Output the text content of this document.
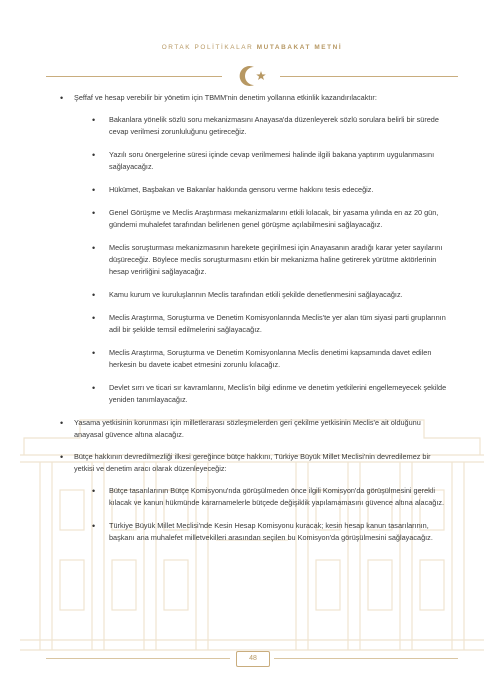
ORTAK POLİTİKALAR MUTABAKAT METNİ
• Şeffaf ve hesap verebilir bir yönetim için TBMM'nin denetim yollarına etkinlik kazandırılacaktır:
• Bakanlara yönelik sözlü soru mekanizmasını Anayasa'da düzenleyerek sözlü sorulara belirli bir sürede cevap verilmesi zorunluluğunu getireceğiz.
• Yazılı soru önergelerine süresi içinde cevap verilmemesi halinde ilgili bakana yaptırım uygulanmasını sağlayacağız.
• Hükümet, Başbakan ve Bakanlar hakkında gensoru verme hakkını tesis edeceğiz.
• Genel Görüşme ve Meclis Araştırması mekanizmalarını etkili kılacak, bir yasama yılında en az 20 gün, gündemi muhalefet tarafından belirlenen genel görüşme açılabilmesini sağlayacağız.
• Meclis soruşturması mekanizmasının harekete geçirilmesi için Anayasanın aradığı karar yeter sayılarını düşüreceğiz. Böylece meclis soruşturmasını etkin bir mekanizma haline getirerek yürütme aktörlerinin hesap verirliğini sağlayacağız.
• Kamu kurum ve kuruluşlarının Meclis tarafından etkili şekilde denetlenmesini sağlayacağız.
• Meclis Araştırma, Soruşturma ve Denetim Komisyonlarında Meclis'te yer alan tüm siyasi parti gruplarının adil bir şekilde temsil edilmelerini sağlayacağız.
• Meclis Araştırma, Soruşturma ve Denetim Komisyonlarına Meclis denetimi kapsamında davet edilen herkesin bu davete icabet etmesini zorunlu kılacağız.
• Devlet sırrı ve ticari sır kavramlarını, Meclis'in bilgi edinme ve denetim yetkilerini engellemeyecek şekilde yeniden tanımlayacağız.
• Yasama yetkisinin korunması için milletlerarası sözleşmelerden geri çekilme yetkisinin Meclis'e ait olduğunu anayasal güvence altına alacağız.
• Bütçe hakkının devredilmezliği ilkesi gereğince bütçe hakkını, Türkiye Büyük Millet Meclisi'nin devredilemez bir yetkisi ve denetim aracı olarak düzenleyeceğiz:
• Bütçe tasarılarının Bütçe Komisyonu'nda görüşülmeden önce ilgili Komisyon'da görüşülmesini gerekli kılacak ve kanun hükmünde kararnamelerle bütçede değişiklik yapılamamasını güvence altına alacağız.
• Türkiye Büyük Millet Meclisi'nde Kesin Hesap Komisyonu kuracak; kesin hesap kanun tasarılarının, başkanı ana muhalefet milletvekilleri arasından seçilen bu Komisyon'da görüşülmesini sağlayacağız.
48
